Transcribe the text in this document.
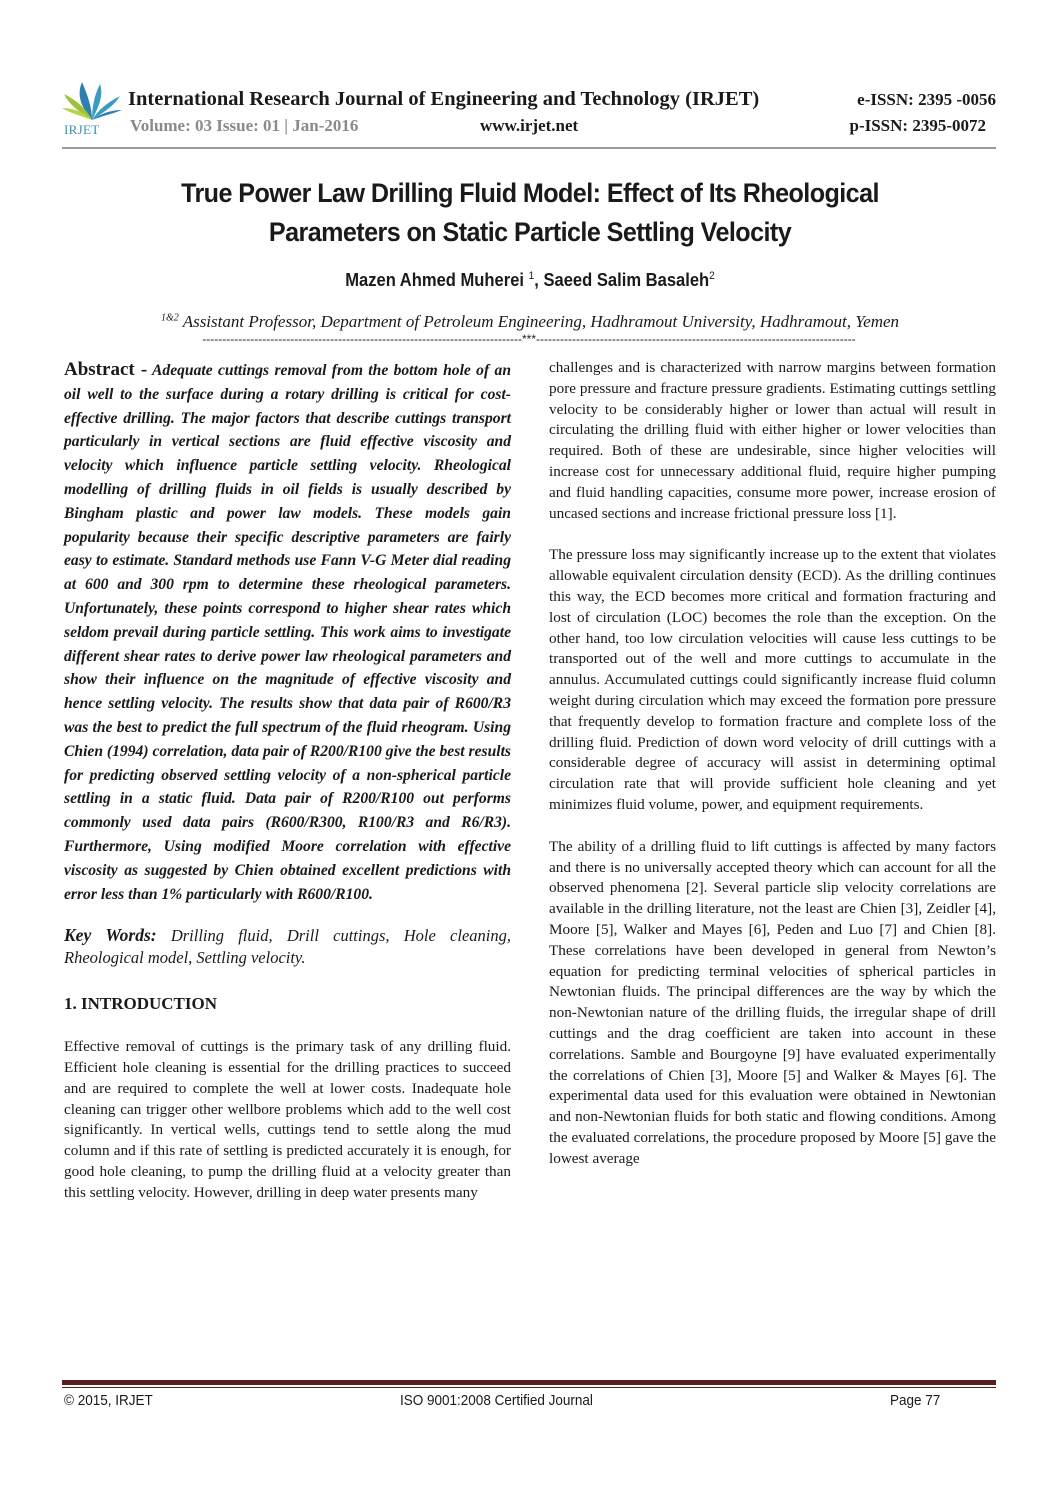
IRJET
International Research Journal of Engineering and Technology (IRJET)	e-ISSN: 2395 -0056
Volume: 03 Issue: 01 | Jan-2016	www.irjet.net	p-ISSN: 2395-0072
True Power Law Drilling Fluid Model: Effect of Its Rheological
Parameters on Static Particle Settling Velocity
Mazen Ahmed Muherei $^1$, Saeed Salim Basaleh$^2$
$^{1\&2}$ Assistant Professor, Department of Petroleum Engineering, Hadhramout University, Hadhramout, Yemen
--------------------------------------------------------------------------------***--------------------------------------------------------------------------------

Abstract - Adequate cuttings removal from the bottom hole of an oil well to the surface during a rotary drilling is critical for cost-effective drilling. The major factors that describe cuttings transport particularly in vertical sections are fluid effective viscosity and velocity which influence particle settling velocity. Rheological modelling of drilling fluids in oil fields is usually described by Bingham plastic and power law models. These models gain popularity because their specific descriptive parameters are fairly easy to estimate. Standard methods use Fann V-G Meter dial reading at 600 and 300 rpm to determine these rheological parameters. Unfortunately, these points correspond to higher shear rates which seldom prevail during particle settling. This work aims to investigate different shear rates to derive power law rheological parameters and show their influence on the magnitude of effective viscosity and hence settling velocity. The results show that data pair of R600/R3 was the best to predict the full spectrum of the fluid rheogram. Using Chien (1994) correlation, data pair of R200/R100 give the best results for predicting observed settling velocity of a non-spherical particle settling in a static fluid. Data pair of R200/R100 out performs commonly used data pairs (R600/R300, R100/R3 and R6/R3). Furthermore, Using modified Moore correlation with effective viscosity as suggested by Chien obtained excellent predictions with error less than 1% particularly with R600/R100.

Key Words: Drilling fluid, Drill cuttings, Hole cleaning, Rheological model, Settling velocity.

1. INTRODUCTION

Effective removal of cuttings is the primary task of any drilling fluid. Efficient hole cleaning is essential for the drilling practices to succeed and are required to complete the well at lower costs. Inadequate hole cleaning can trigger other wellbore problems which add to the well cost significantly. In vertical wells, cuttings tend to settle along the mud column and if this rate of settling is predicted accurately it is enough, for good hole cleaning, to pump the drilling fluid at a velocity greater than this settling velocity. However, drilling in deep water presents many

challenges and is characterized with narrow margins between formation pore pressure and fracture pressure gradients. Estimating cuttings settling velocity to be considerably higher or lower than actual will result in circulating the drilling fluid with either higher or lower velocities than required. Both of these are undesirable, since higher velocities will increase cost for unnecessary additional fluid, require higher pumping and fluid handling capacities, consume more power, increase erosion of uncased sections and increase frictional pressure loss [1].

The pressure loss may significantly increase up to the extent that violates allowable equivalent circulation density (ECD). As the drilling continues this way, the ECD becomes more critical and formation fracturing and lost of circulation (LOC) becomes the role than the exception. On the other hand, too low circulation velocities will cause less cuttings to be transported out of the well and more cuttings to accumulate in the annulus. Accumulated cuttings could significantly increase fluid column weight during circulation which may exceed the formation pore pressure that frequently develop to formation fracture and complete loss of the drilling fluid. Prediction of down word velocity of drill cuttings with a considerable degree of accuracy will assist in determining optimal circulation rate that will provide sufficient hole cleaning and yet minimizes fluid volume, power, and equipment requirements.

The ability of a drilling fluid to lift cuttings is affected by many factors and there is no universally accepted theory which can account for all the observed phenomena [2]. Several particle slip velocity correlations are available in the drilling literature, not the least are Chien [3], Zeidler [4], Moore [5], Walker and Mayes [6], Peden and Luo [7] and Chien [8]. These correlations have been developed in general from Newton’s equation for predicting terminal velocities of spherical particles in Newtonian fluids. The principal differences are the way by which the non-Newtonian nature of the drilling fluids, the irregular shape of drill cuttings and the drag coefficient are taken into account in these correlations. Samble and Bourgoyne [9] have evaluated experimentally the correlations of Chien [3], Moore [5] and Walker & Mayes [6]. The experimental data used for this evaluation were obtained in Newtonian and non-Newtonian fluids for both static and flowing conditions. Among the evaluated correlations, the procedure proposed by Moore [5] gave the lowest average

© 2015, IRJET	ISO 9001:2008 Certified Journal	Page 77
